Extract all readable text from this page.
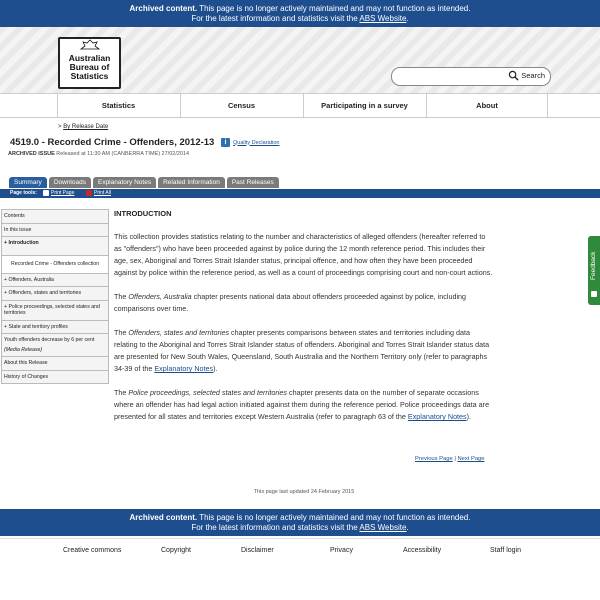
Archived content. This page is no longer actively maintained and may not function as intended.
For the latest information and statistics visit the ABS Website.
Australian
Bureau of
Statistics	Search
Statistics	Census	Participating in a survey	About
> By Release Date
4519.0 - Recorded Crime - Offenders, 2012-13	i	Quality Declaration
ARCHIVED ISSUE Released at 11:30 AM (CANBERRA TIME) 27/02/2014
Summary	Downloads	Explanatory Notes	Related Information	Past Releases
Page tools:	Print Page	Print All
Contents
In this issue
+ Introduction
Recorded Crime - Offenders collection
+ Offenders, Australia
+ Offenders, states and territories
+ Police proceedings, selected states and territories
+ State and territory profiles
Youth offenders decrease by 6 per cent
(Media Release)
About this Release
History of Changes
INTRODUCTION

This collection provides statistics relating to the number and characteristics of alleged offenders (hereafter referred to as "offenders") who have been proceeded against by police during the 12 month reference period. This includes their age, sex, Aboriginal and Torres Strait Islander status, principal offence, and how often they have been proceeded against by police within the reference period, as well as a count of proceedings comprising court and non-court actions.

The Offenders, Australia chapter presents national data about offenders proceeded against by police, including comparisons over time.

The Offenders, states and territories chapter presents comparisons between states and territories including data relating to the Aboriginal and Torres Strait Islander status of offenders. Aboriginal and Torres Strait Islander status data are presented for New South Wales, Queensland, South Australia and the Northern Territory only (refer to paragraphs 34-39 of the Explanatory Notes).

The Police proceedings, selected states and territories chapter presents data on the number of separate occasions where an offender has had legal action initiated against them during the reference period. Police proceedings data are presented for all states and territories except Western Australia (refer to paragraph 63 of the Explanatory Notes).

Previous Page | Next Page
This page last updated 24 February 2015
Feedback
Archived content. This page is no longer actively maintained and may not function as intended.
For the latest information and statistics visit the ABS Website.
Creative commons	Copyright	Disclaimer	Privacy	Accessibility	Staff login
